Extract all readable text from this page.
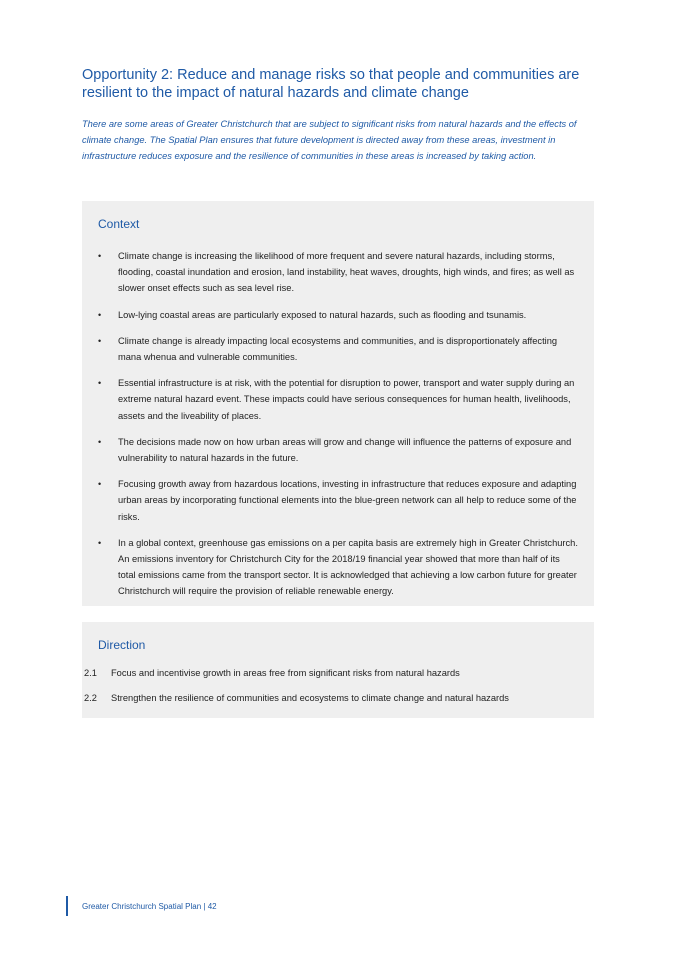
Opportunity 2: Reduce and manage risks so that people and communities are resilient to the impact of natural hazards and climate change

There are some areas of Greater Christchurch that are subject to significant risks from natural hazards and the effects of climate change. The Spatial Plan ensures that future development is directed away from these areas, investment in infrastructure reduces exposure and the resilience of communities in these areas is increased by taking action.

Context
• Climate change is increasing the likelihood of more frequent and severe natural hazards, including storms, flooding, coastal inundation and erosion, land instability, heat waves, droughts, high winds, and fires; as well as slower onset effects such as sea level rise.
• Low-lying coastal areas are particularly exposed to natural hazards, such as flooding and tsunamis.
• Climate change is already impacting local ecosystems and communities, and is disproportionately affecting mana whenua and vulnerable communities.
• Essential infrastructure is at risk, with the potential for disruption to power, transport and water supply during an extreme natural hazard event. These impacts could have serious consequences for human health, livelihoods, assets and the liveability of places.
• The decisions made now on how urban areas will grow and change will influence the patterns of exposure and vulnerability to natural hazards in the future.
• Focusing growth away from hazardous locations, investing in infrastructure that reduces exposure and adapting urban areas by incorporating functional elements into the blue-green network can all help to reduce some of the risks.
• In a global context, greenhouse gas emissions on a per capita basis are extremely high in Greater Christchurch. An emissions inventory for Christchurch City for the 2018/19 financial year showed that more than half of its total emissions came from the transport sector. It is acknowledged that achieving a low carbon future for greater Christchurch will require the provision of reliable renewable energy.
Direction
2.1 Focus and incentivise growth in areas free from significant risks from natural hazards
2.2 Strengthen the resilience of communities and ecosystems to climate change and natural hazards
Greater Christchurch Spatial Plan | 42
